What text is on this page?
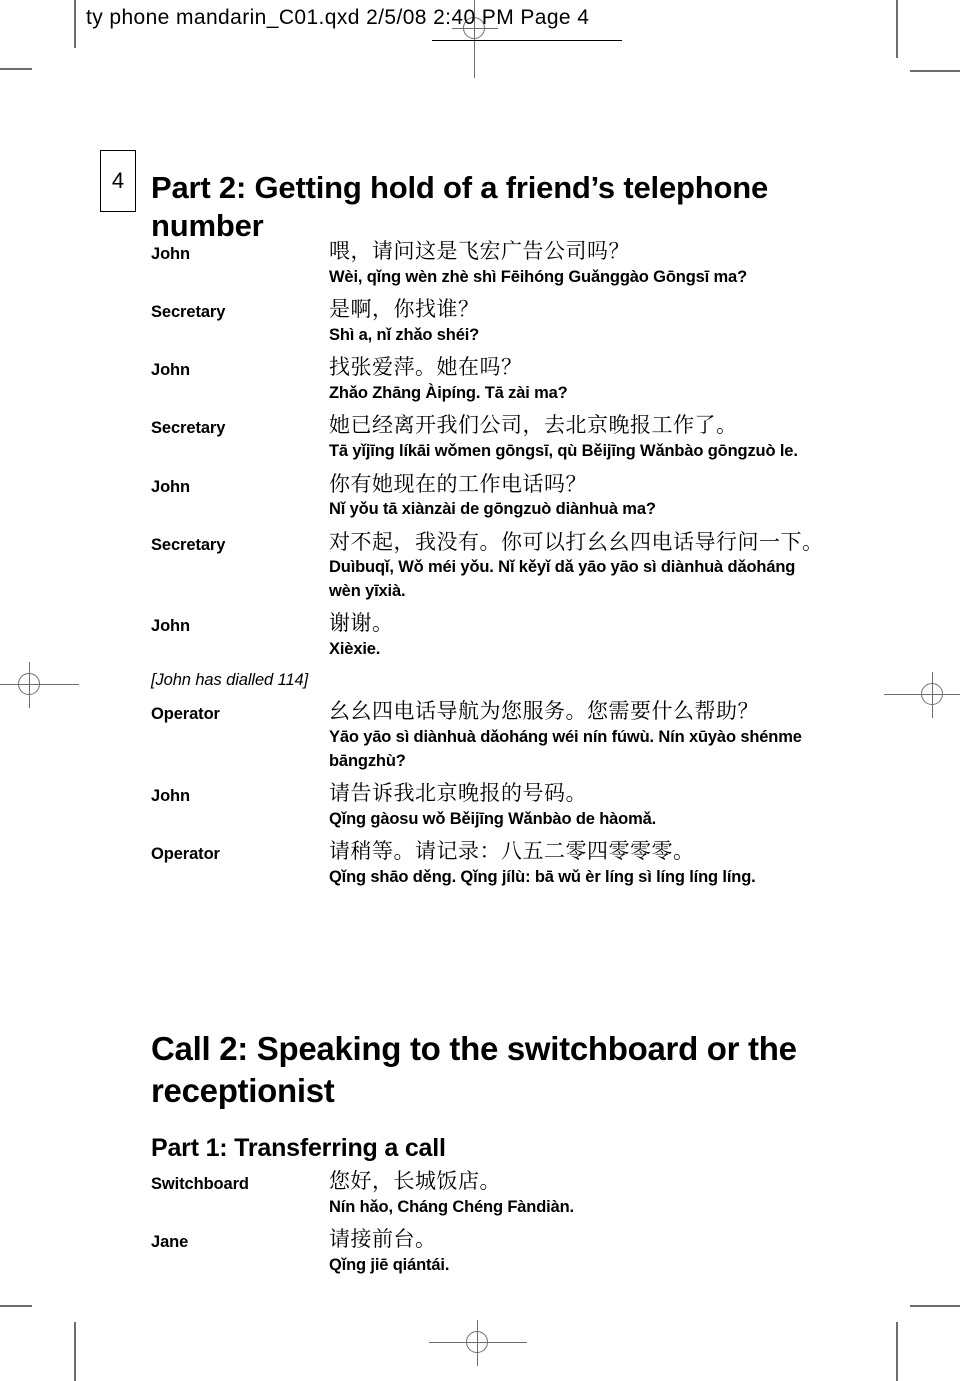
ty phone mandarin_C01.qxd 2/5/08 2:40 PM Page 4
4 Part 2: Getting hold of a friend’s telephone number
John	喂，请问这是飞宏广告公司吗？
Wèi, qǐng wèn zhè shì Fēihóng Guǎnggào Gōngsī ma?
Secretary	是啊，你找谁？
Shì a, nǐ zhǎo shéi?
John	找张爱萍。她在吗？
Zhǎo Zhāng Àipíng. Tā zài ma?
Secretary	她已经离开我们公司，去北京晚报工作了。
Tā yǐjīng líkāi wǒmen gōngsī, qù Běijīng Wǎnbào gōngzuò le.
John	你有她现在的工作电话吗？
Nǐ yǒu tā xiànzài de gōngzuò diànhuà ma?
Secretary	对不起，我没有。你可以打幺幺四电话导行问一下。
Duìbuqǐ, Wǒ méi yǒu. Nǐ kěyǐ dǎ yāo yāo sì diànhuà dǎoháng wèn yīxià.
John	谢谢。
Xièxie.
[John has dialled 114]
Operator	幺幺四电话导航为您服务。您需要什么帮助？
Yāo yāo sì diànhuà dǎoháng wéi nín fúwù. Nín xūyào shénme bāngzhù?
John	请告诉我北京晚报的号码。
Qǐng gàosu wǒ Běijīng Wǎnbào de hàomǎ.
Operator	请稍等。请记录：八五二零四零零零。
Qǐng shāo děng. Qǐng jílù: bā wǔ èr líng sì líng líng líng.
Call 2: Speaking to the switchboard or the receptionist
Part 1: Transferring a call
Switchboard	您好，长城饭店。
Nín hǎo, Cháng Chéng Fàndiàn.
Jane	请接前台。
Qǐng jiē qiántái.
